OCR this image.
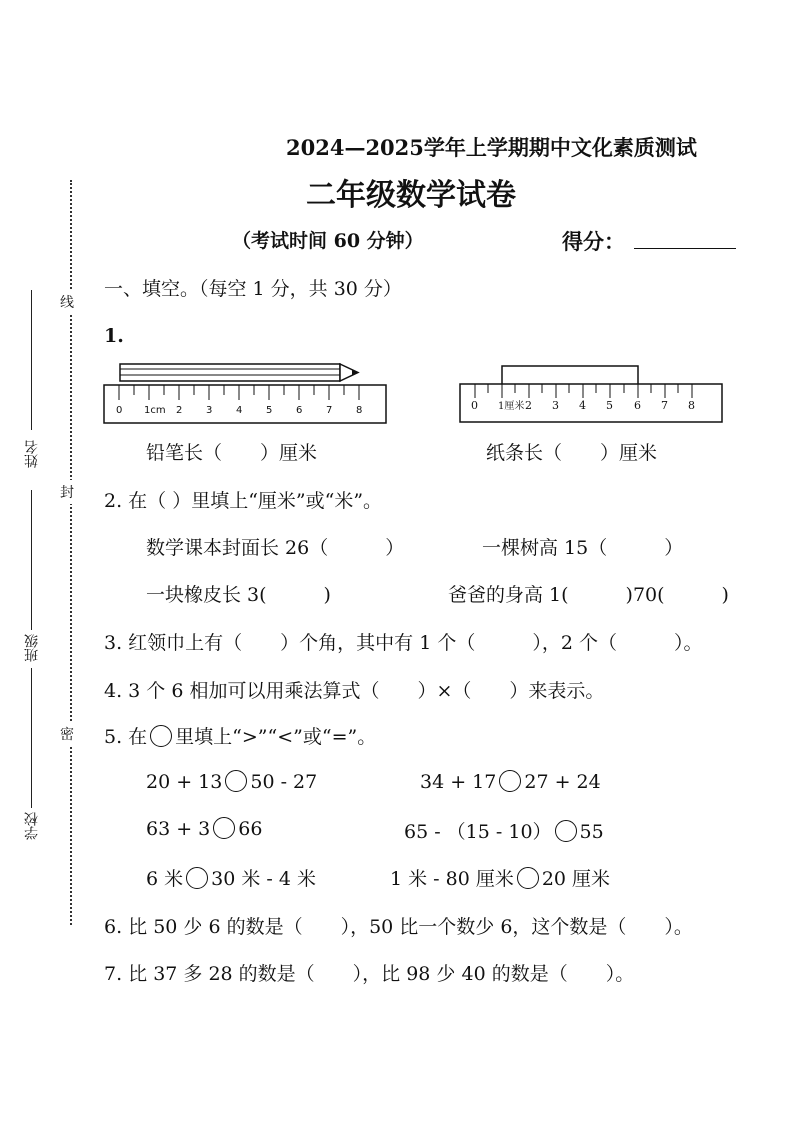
线
封
密
姓名
班级
学校
2024—2025学年上学期期中文化素质测试
二年级数学试卷
（考试时间 60 分钟）	得分：
一、填空。（每空 1 分，共 30 分）
1.
0 1cm 2 3 4 5 6 7 8	0 1厘米	3 4 5 6 7 8
2
铅笔长（　　）厘米	纸条长（　　）厘米
2. 在（ ）里填上“厘米”或“米”。
数学课本封面长 26（　　　）	一棵树高 15（　　　）
一块橡皮长 3(　　　)	爸爸的身高 1(　　　)70(　　　)
3. 红领巾上有（　　）个角，其中有 1 个（　　　），2 个（　　　）。
4. 3 个 6 相加可以用乘法算式（　　）×（　　）来表示。
5. 在 里填上“>”“<”或“=”。
20 + 13 50 - 27	34 + 17 27 + 24
63 + 3 66	65 - （15 - 10） 55
6 米 30 米 - 4 米	1 米 - 80 厘米 20 厘米
6. 比 50 少 6 的数是（　　），50 比一个数少 6，这个数是（　　）。
7. 比 37 多 28 的数是（　　），比 98 少 40 的数是（　　）。
